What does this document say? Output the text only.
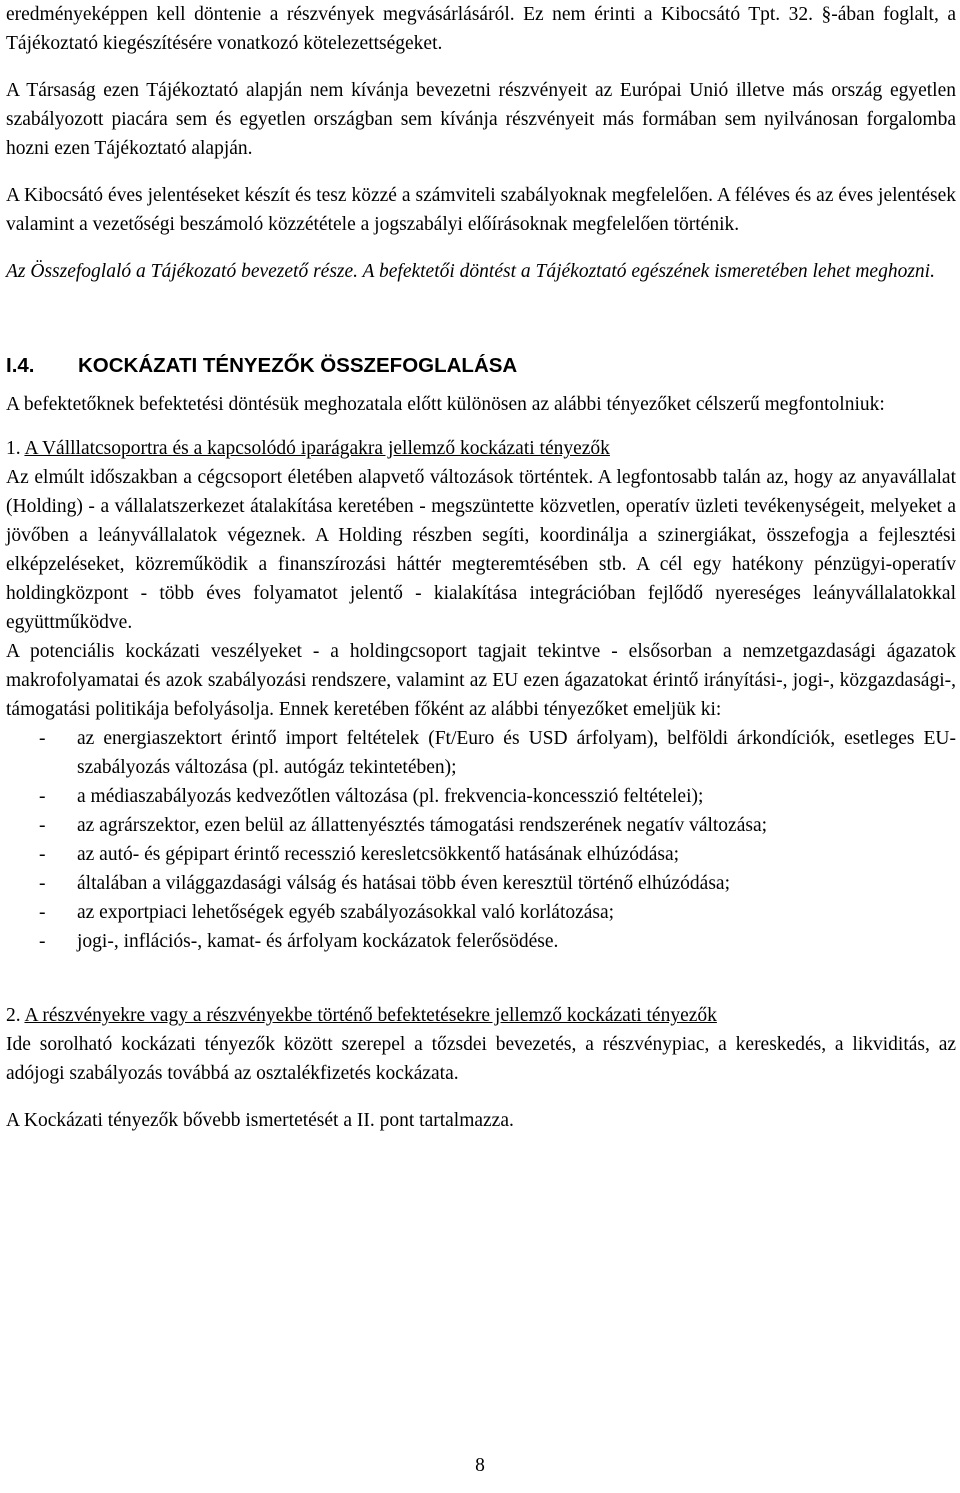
eredményeképpen kell döntenie a részvények megvásárlásáról. Ez nem érinti a Kibocsátó Tpt. 32. §-ában foglalt, a Tájékoztató kiegészítésére vonatkozó kötelezettségeket.

A Társaság ezen Tájékoztató alapján nem kívánja bevezetni részvényeit az Európai Unió illetve más ország egyetlen szabályozott piacára sem és egyetlen országban sem kívánja részvényeit más formában sem nyilvánosan forgalomba hozni ezen Tájékoztató alapján.

A Kibocsátó éves jelentéseket készít és tesz közzé a számviteli szabályoknak megfelelően. A féléves és az éves jelentések valamint a vezetőségi beszámoló közzététele a jogszabályi előírásoknak megfelelően történik.

Az Összefoglaló a Tájékozató bevezető része. A befektetői döntést a Tájékoztató egészének ismeretében lehet meghozni.

I.4.	KOCKÁZATI TÉNYEZŐK ÖSSZEFOGLALÁSA

A befektetőknek befektetési döntésük meghozatala előtt különösen az alábbi tényezőket célszerű megfontolniuk:

1. A Válllatcsoportra és a kapcsolódó iparágakra jellemző kockázati tényezők

Az elmúlt időszakban a cégcsoport életében alapvető változások történtek. A legfontosabb talán az, hogy az anyavállalat (Holding) - a vállalatszerkezet átalakítása keretében - megszüntette közvetlen, operatív üzleti tevékenységeit, melyeket a jövőben a leányvállalatok végeznek. A Holding részben segíti, koordinálja a szinergiákat, összefogja a fejlesztési elképzeléseket, közreműködik a finanszírozási háttér megteremtésében stb. A cél egy hatékony pénzügyi-operatív holdingközpont - több éves folyamatot jelentő - kialakítása integrációban fejlődő nyereséges leányvállalatokkal együttműködve.

A potenciális kockázati veszélyeket - a holdingcsoport tagjait tekintve - elsősorban a nemzetgazdasági ágazatok makrofolyamatai és azok szabályozási rendszere, valamint az EU ezen ágazatokat érintő irányítási-, jogi-, közgazdasági-, támogatási politikája befolyásolja. Ennek keretében főként az alábbi tényezőket emeljük ki:

- az energiaszektort érintő import feltételek (Ft/Euro és USD árfolyam), belföldi árkondíciók, esetleges EU-szabályozás változása (pl. autógáz tekintetében);
- a médiaszabályozás kedvezőtlen változása (pl. frekvencia-koncesszió feltételei);
- az agrárszektor, ezen belül az állattenyésztés támogatási rendszerének negatív változása;
- az autó- és gépipart érintő recesszió keresletcsökkentő hatásának elhúzódása;
- általában a világgazdasági válság és hatásai több éven keresztül történő elhúzódása;
- az exportpiaci lehetőségek egyéb szabályozásokkal való korlátozása;
- jogi-, inflációs-, kamat- és árfolyam kockázatok felerősödése.

2. A részvényekre vagy a részvényekbe történő befektetésekre jellemző kockázati tényezők

Ide sorolható kockázati tényezők között szerepel a tőzsdei bevezetés, a részvénypiac, a kereskedés, a likviditás, az adójogi szabályozás továbbá az osztalékfizetés kockázata.

A Kockázati tényezők bővebb ismertetését a II. pont tartalmazza.

8
